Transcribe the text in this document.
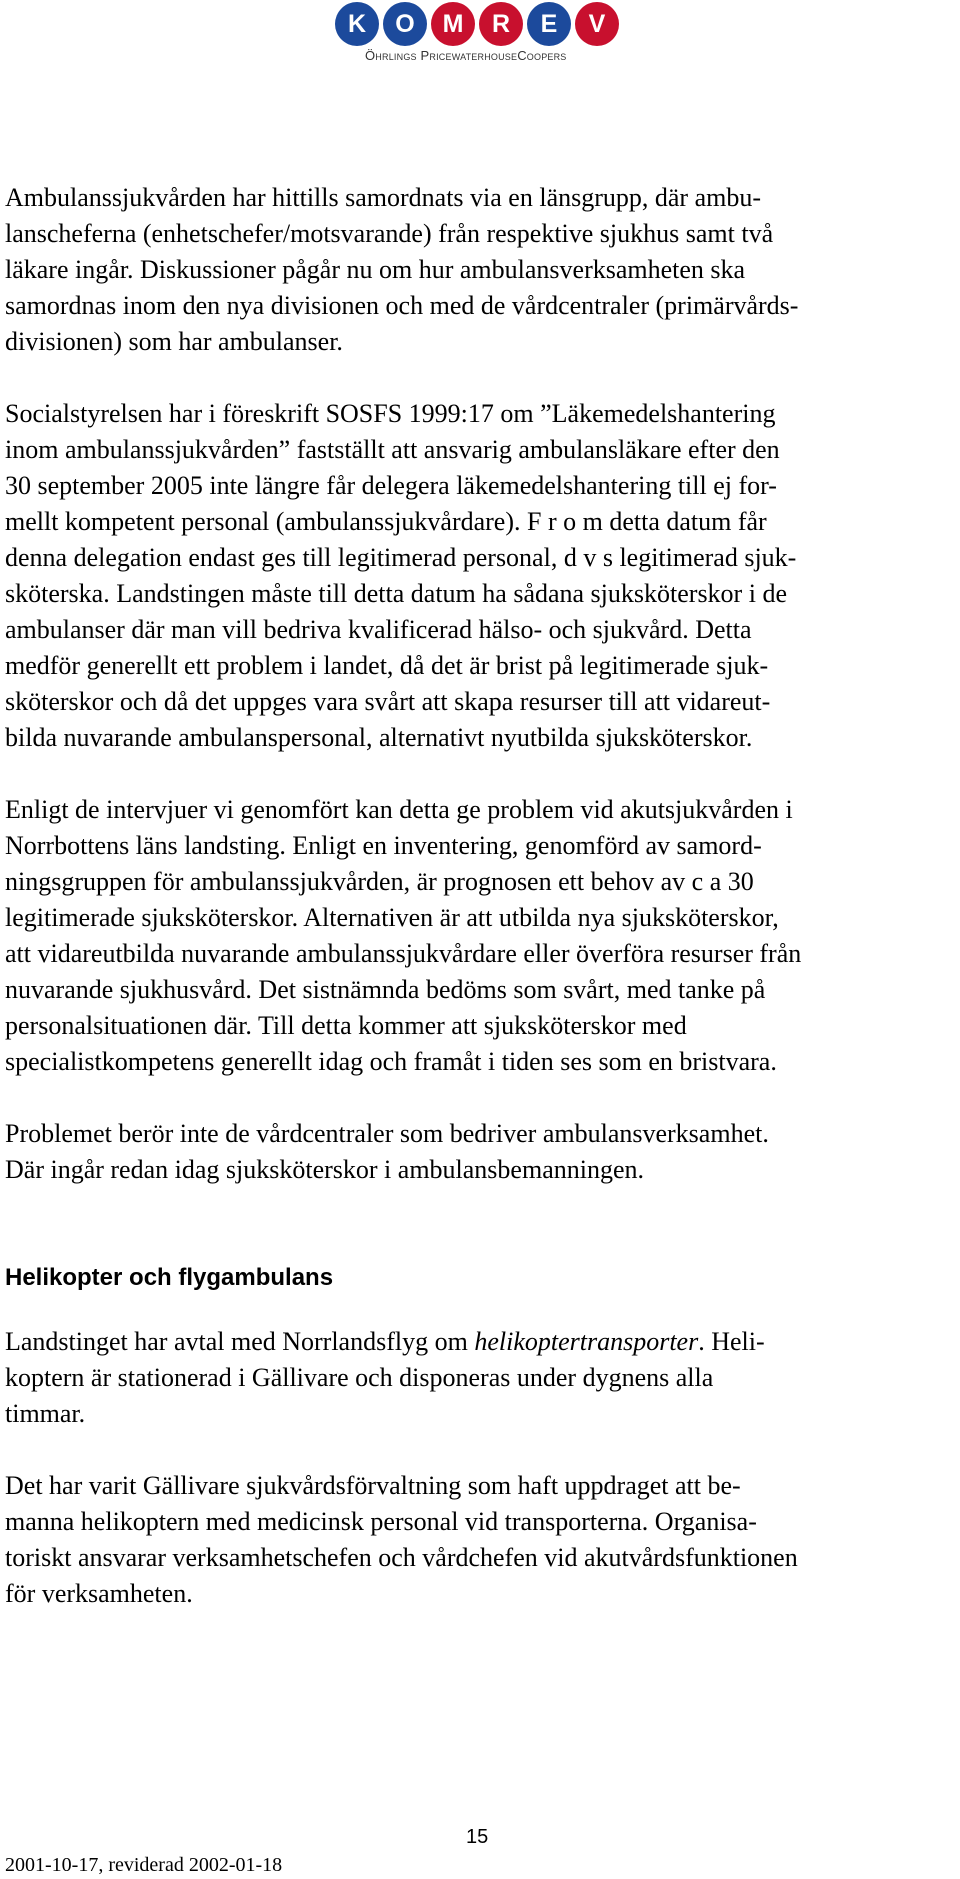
K	O	M	R	E	V
Öhrlings PricewaterhouseCoopers

Ambulanssjukvården har hittills samordnats via en länsgrupp, där ambu-
lanscheferna (enhetschefer/motsvarande) från respektive sjukhus samt två
läkare ingår. Diskussioner pågår nu om hur ambulansverksamheten ska
samordnas inom den nya divisionen och med de vårdcentraler (primärvårds-
divisionen) som har ambulanser.

Socialstyrelsen har i föreskrift SOSFS 1999:17 om ”Läkemedelshantering
inom ambulanssjukvården” fastställt att ansvarig ambulansläkare efter den
30 september 2005 inte längre får delegera läkemedelshantering till ej for-
mellt kompetent personal (ambulanssjukvårdare). F r o m detta datum får
denna delegation endast ges till legitimerad personal, d v s legitimerad sjuk-
sköterska. Landstingen måste till detta datum ha sådana sjuksköterskor i de
ambulanser där man vill bedriva kvalificerad hälso- och sjukvård. Detta
medför generellt ett problem i landet, då det är brist på legitimerade sjuk-
sköterskor och då det uppges vara svårt att skapa resurser till att vidareut-
bilda nuvarande ambulanspersonal, alternativt nyutbilda sjuksköterskor.

Enligt de intervjuer vi genomfört kan detta ge problem vid akutsjukvården i
Norrbottens läns landsting. Enligt en inventering, genomförd av samord-
ningsgruppen för ambulanssjukvården, är prognosen ett behov av c a 30
legitimerade sjuksköterskor. Alternativen är att utbilda nya sjuksköterskor,
att vidareutbilda nuvarande ambulanssjukvårdare eller överföra resurser från
nuvarande sjukhusvård. Det sistnämnda bedöms som svårt, med tanke på
personalsituationen där. Till detta kommer att sjuksköterskor med
specialistkompetens generellt idag och framåt i tiden ses som en bristvara.

Problemet berör inte de vårdcentraler som bedriver ambulansverksamhet.
Där ingår redan idag sjuksköterskor i ambulansbemanningen.

Helikopter och flygambulans

Landstinget har avtal med Norrlandsflyg om helikoptertransporter. Heli-
koptern är stationerad i Gällivare och disponeras under dygnens alla
timmar.

Det har varit Gällivare sjukvårdsförvaltning som haft uppdraget att be-
manna helikoptern med medicinsk personal vid transporterna. Organisa-
toriskt ansvarar verksamhetschefen och vårdchefen vid akutvårdsfunktionen
för verksamheten.

15
2001-10-17, reviderad 2002-01-18
